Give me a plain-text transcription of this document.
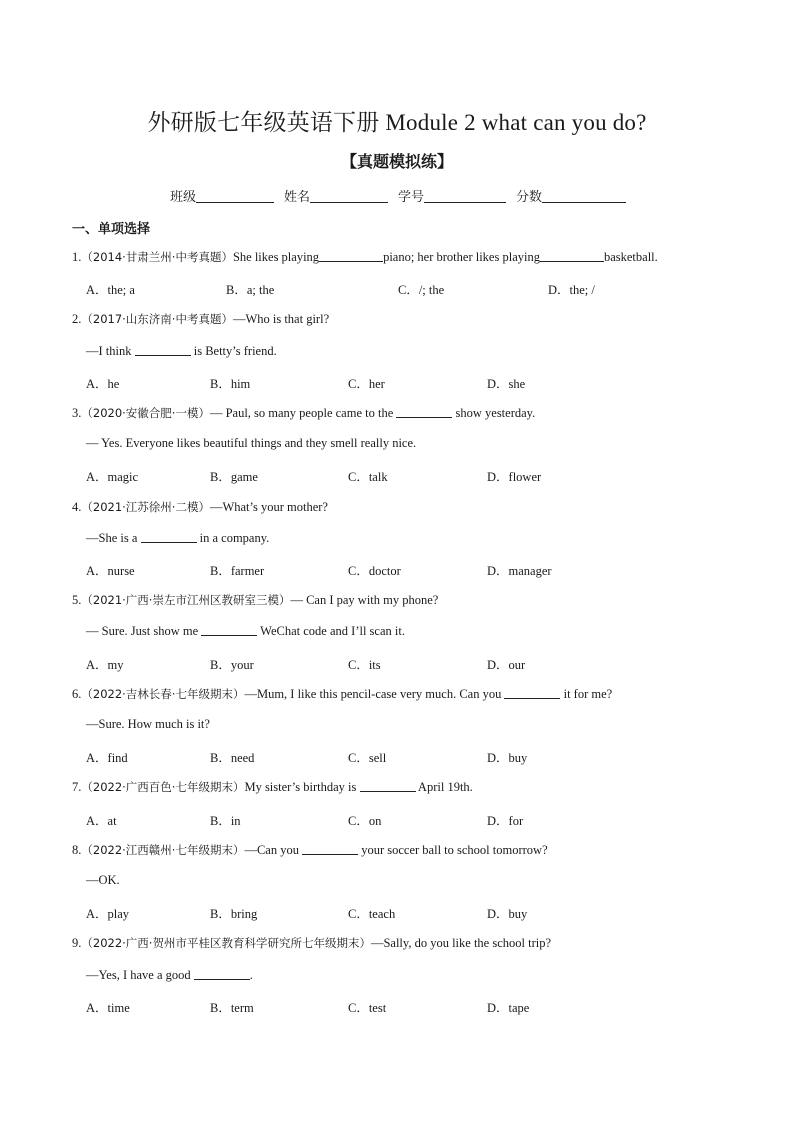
外研版七年级英语下册 Module 2 what can you do?
【真题模拟练】
班级	姓名	学号	分数
一、单项选择
1.（2014·甘肃兰州·中考真题）She likes playing	piano; her brother likes playing	basketball.
A．the; a	B．a; the	C．/; the	D．the; /
2.（2017·山东济南·中考真题）—Who is that girl?
—I think	is Betty’s friend.
A．he	B．him	C．her	D．she
3.（2020·安徽合肥·一模）— Paul, so many people came to the	show yesterday.
— Yes. Everyone likes beautiful things and they smell really nice.
A．magic	B．game	C．talk	D．flower
4.（2021·江苏徐州·二模）—What’s your mother?
—She is a	in a company.
A．nurse	B．farmer	C．doctor	D．manager
5.（2021·广西·崇左市江州区教研室三模）— Can I pay with my phone?
— Sure. Just show me	WeChat code and I’ll scan it.
A．my	B．your	C．its	D．our
6.（2022·吉林长春·七年级期末）—Mum, I like this pencil-case very much. Can you	it for me?
—Sure. How much is it?
A．find	B．need	C．sell	D．buy
7.（2022·广西百色·七年级期末）My sister’s birthday is	April 19th.
A．at	B．in	C．on	D．for
8.（2022·江西赣州·七年级期末）—Can you	your soccer ball to school tomorrow?
—OK.
A．play	B．bring	C．teach	D．buy
9.（2022·广西·贺州市平桂区教育科学研究所七年级期末）—Sally, do you like the school trip?
—Yes, I have a good	.
A．time	B．term	C．test	D．tape
